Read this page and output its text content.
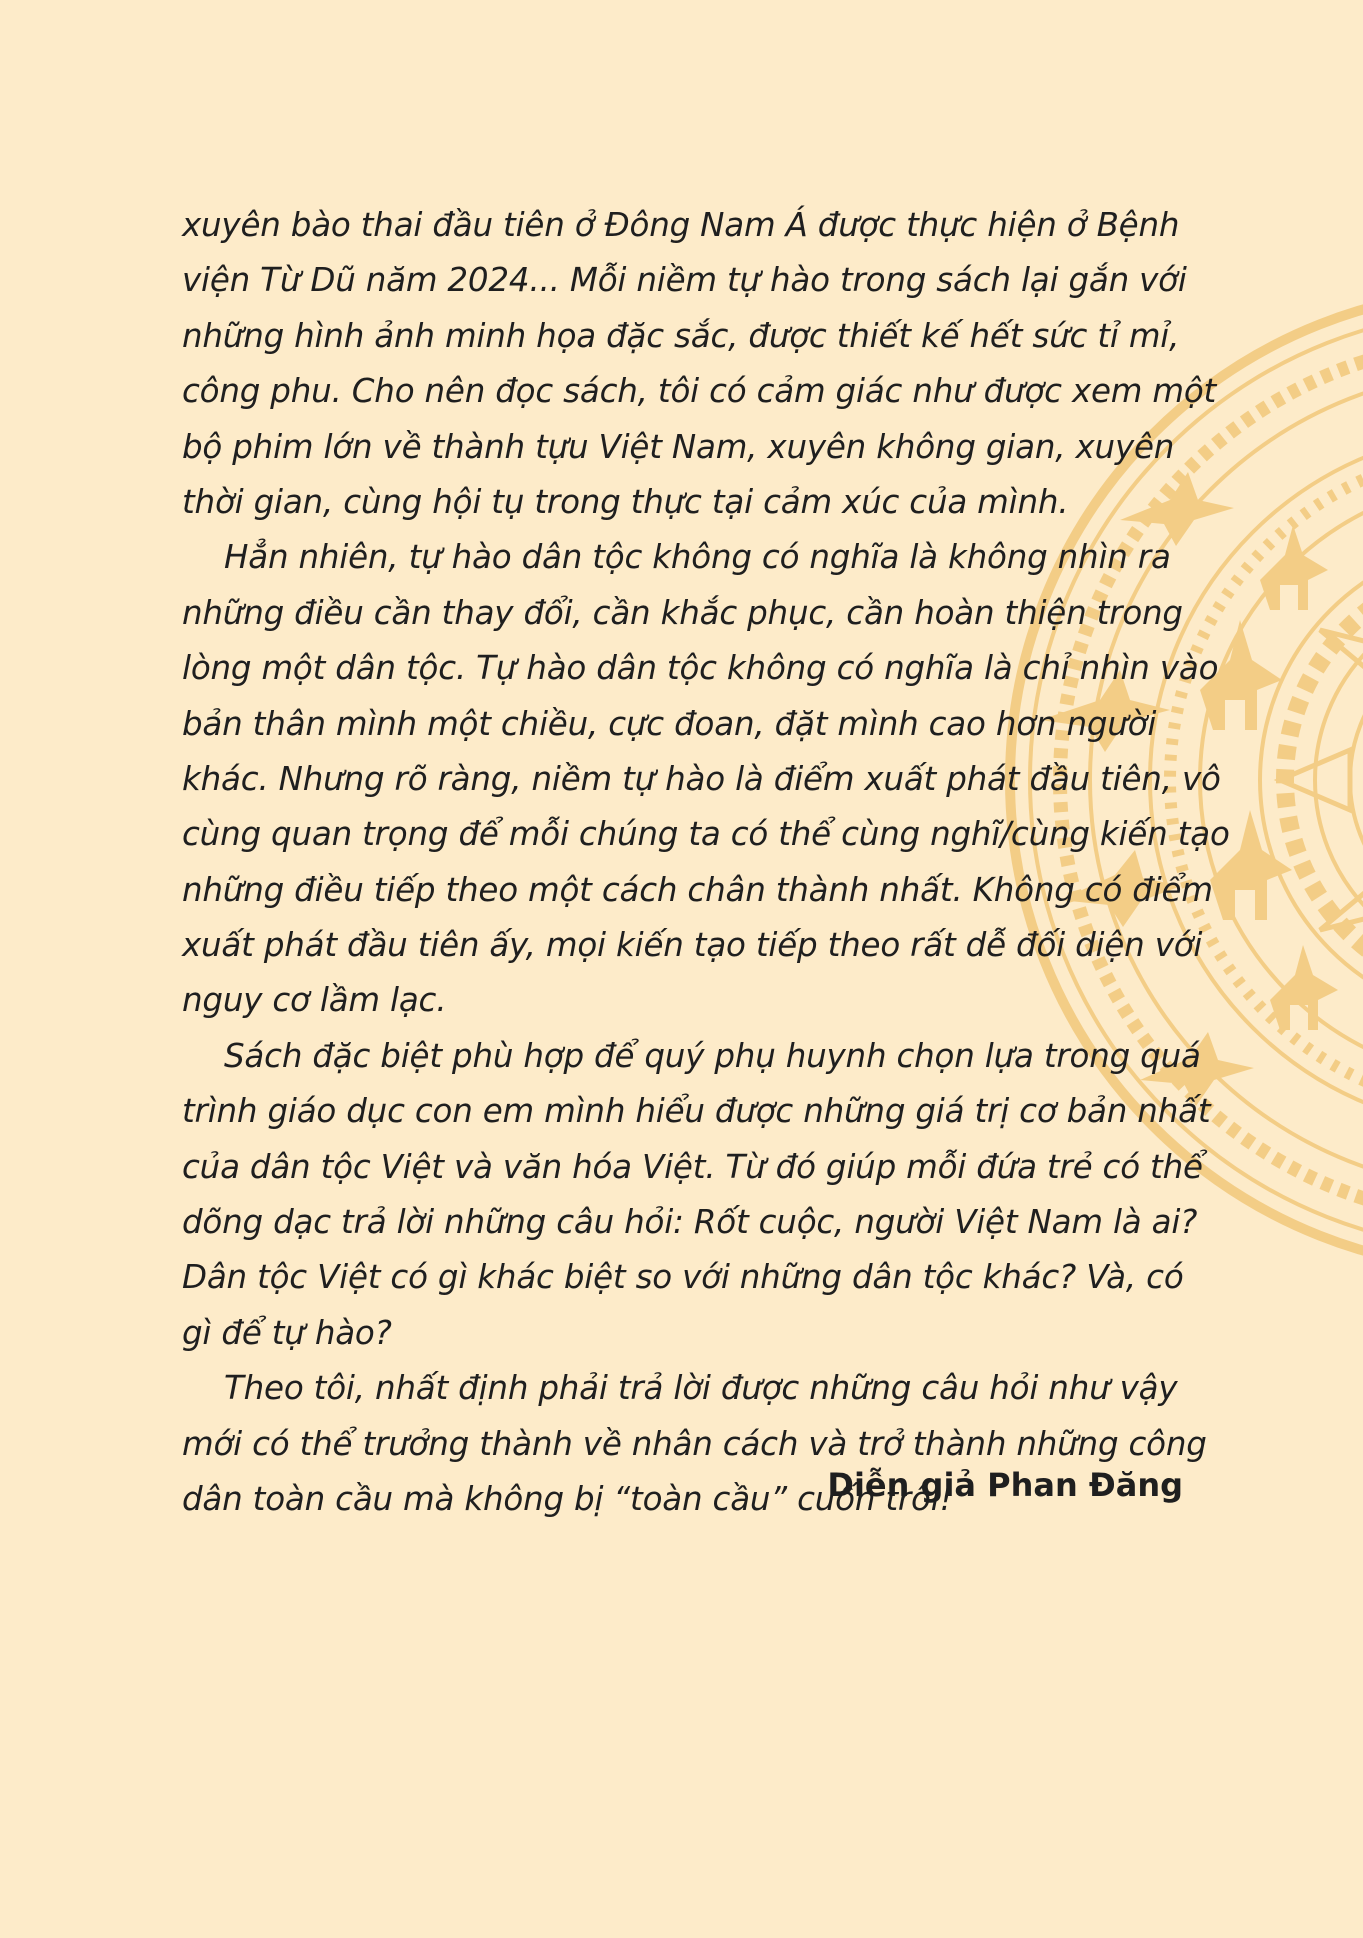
xuyên bào thai đầu tiên ở Đông Nam Á được thực hiện ở Bệnh
viện Từ Dũ năm 2024... Mỗi niềm tự hào trong sách lại gắn với
những hình ảnh minh họa đặc sắc, được thiết kế hết sức tỉ mỉ,
công phu. Cho nên đọc sách, tôi có cảm giác như được xem một
bộ phim lớn về thành tựu Việt Nam, xuyên không gian, xuyên
thời gian, cùng hội tụ trong thực tại cảm xúc của mình.
Hẳn nhiên, tự hào dân tộc không có nghĩa là không nhìn ra
những điều cần thay đổi, cần khắc phục, cần hoàn thiện trong
lòng một dân tộc. Tự hào dân tộc không có nghĩa là chỉ nhìn vào
bản thân mình một chiều, cực đoan, đặt mình cao hơn người
khác. Nhưng rõ ràng, niềm tự hào là điểm xuất phát đầu tiên, vô
cùng quan trọng để mỗi chúng ta có thể cùng nghĩ/cùng kiến tạo
những điều tiếp theo một cách chân thành nhất. Không có điểm
xuất phát đầu tiên ấy, mọi kiến tạo tiếp theo rất dễ đối diện với
nguy cơ lầm lạc.
Sách đặc biệt phù hợp để quý phụ huynh chọn lựa trong quá
trình giáo dục con em mình hiểu được những giá trị cơ bản nhất
của dân tộc Việt và văn hóa Việt. Từ đó giúp mỗi đứa trẻ có thể
dõng dạc trả lời những câu hỏi: Rốt cuộc, người Việt Nam là ai?
Dân tộc Việt có gì khác biệt so với những dân tộc khác? Và, có
gì để tự hào?
Theo tôi, nhất định phải trả lời được những câu hỏi như vậy
mới có thể trưởng thành về nhân cách và trở thành những công
dân toàn cầu mà không bị “toàn cầu” cuốn trôi!
Diễn giả Phan Đăng
